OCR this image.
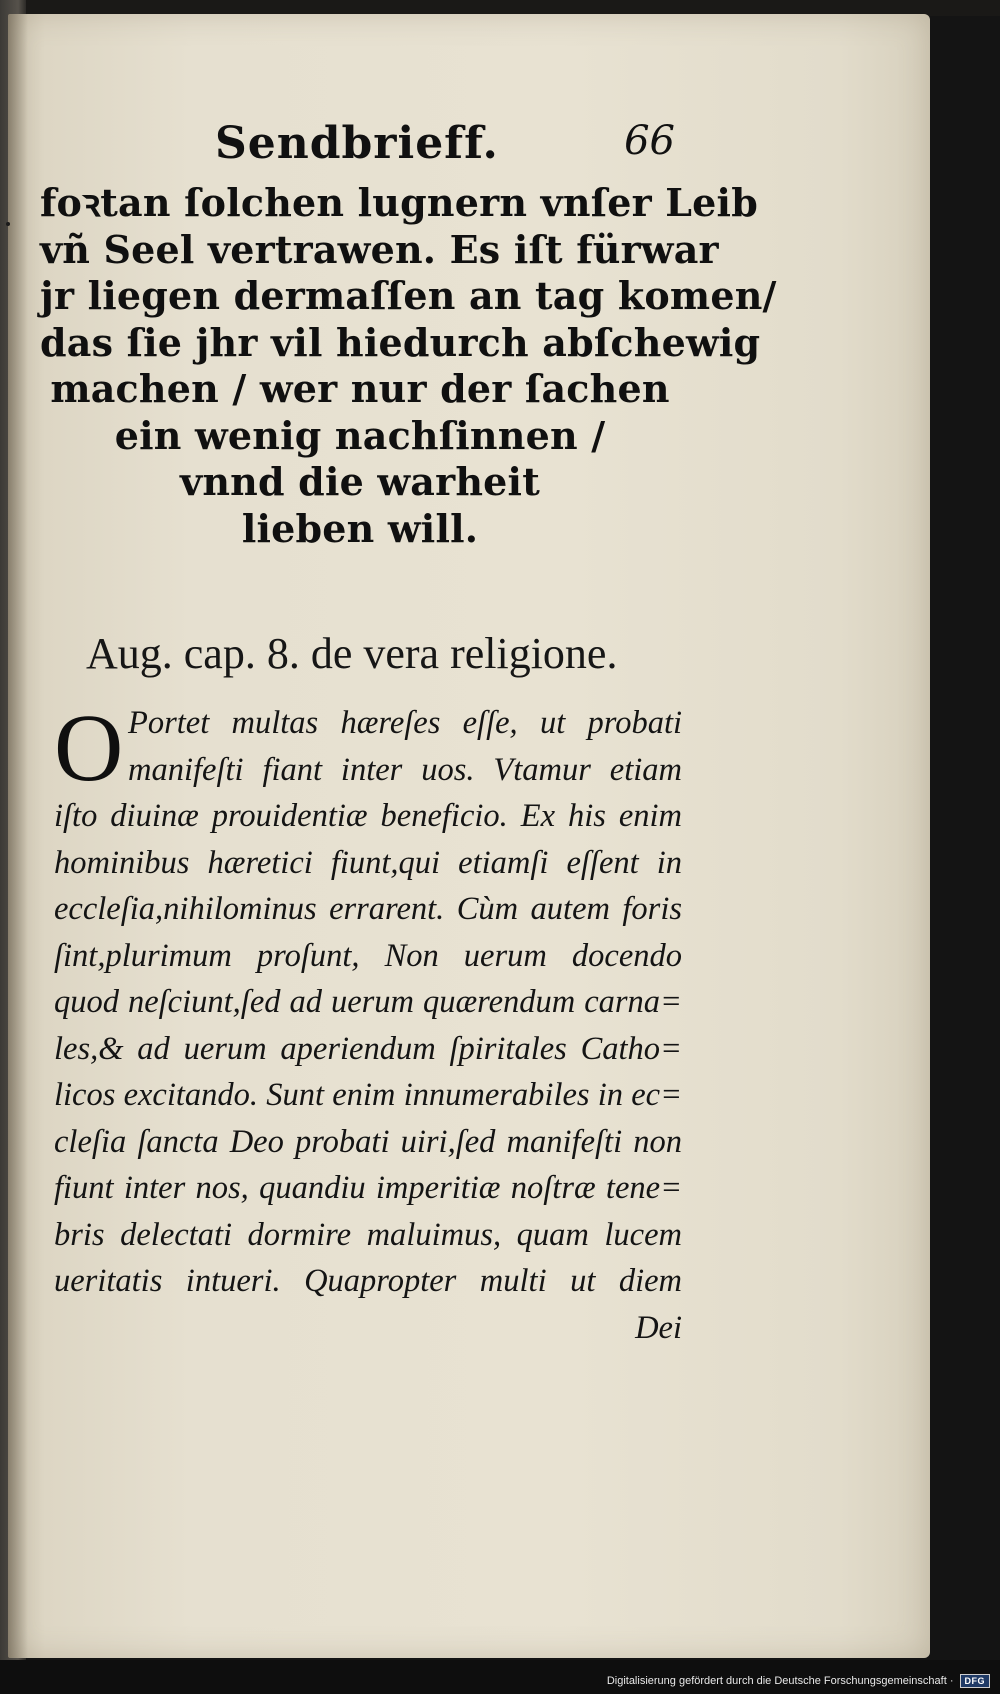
Sendbrieff.	66
foꝛtan ſolchen lugnern vnſer Leib
vñ Seel vertrawen. Es iſt fürwar
jr liegen dermaſſen an tag komen/
das ſie jhr vil hiedurch abſchewig
machen / wer nur der ſachen
ein wenig nachſinnen /
vnnd die warheit
lieben will.
Aug. cap. 8. de vera religione.
O Portet multas hæreſes eſſe, ut probati
manifeſti fiant inter uos. Vtamur etiam
iſto diuinæ prouidentiæ beneficio. Ex his enim
hominibus hæretici fiunt,qui etiamſi eſſent in
eccleſia,nihilominus errarent. Cùm autem foris
ſint,plurimum proſunt, Non uerum docendo
quod neſciunt,ſed ad uerum quærendum carna=
les,& ad uerum aperiendum ſpiritales Catho=
licos excitando. Sunt enim innumerabiles in ec=
cleſia ſancta Deo probati uiri,ſed manifeſti non
fiunt inter nos, quandiu imperitiæ noſtræ tene=
bris delectati dormire maluimus, quam lucem
ueritatis intueri. Quapropter multi ut diem
Dei
Digitalisierung gefördert durch die Deutsche Forschungsgemeinschaft ·	DFG
